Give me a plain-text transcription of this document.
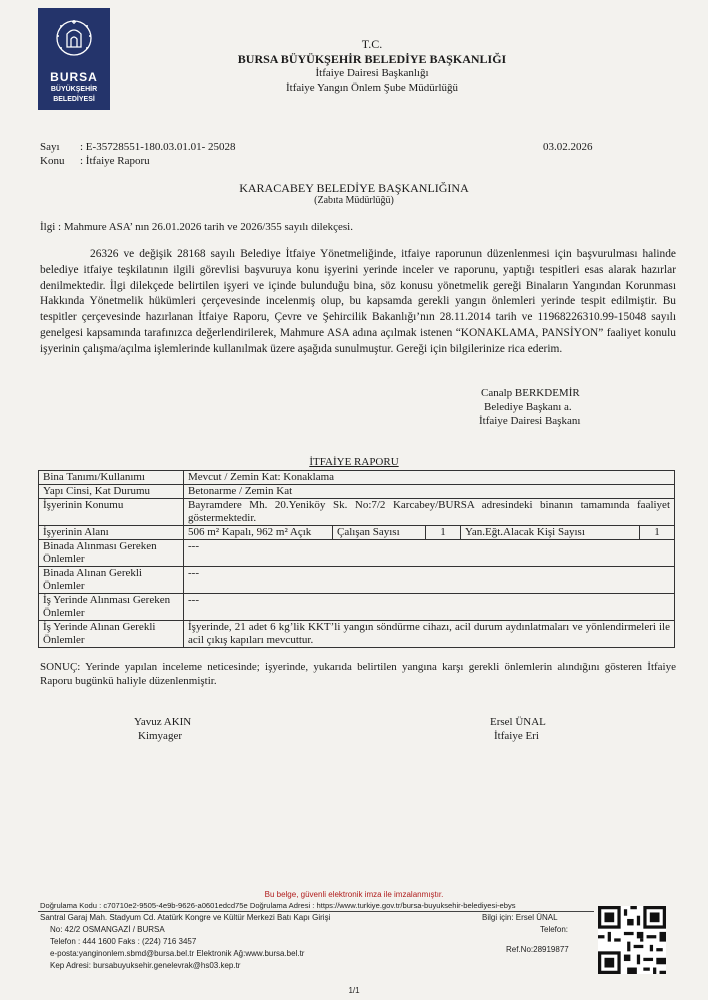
BURSA
BÜYÜKŞEHİR
BELEDİYESİ
T.C.
BURSA BÜYÜKŞEHİR BELEDİYE BAŞKANLIĞI
İtfaiye Dairesi Başkanlığı
İtfaiye Yangın Önlem Şube Müdürlüğü
Sayı : E-35728551-180.03.01.01- 25028	03.02.2026
Konu : İtfaiye Raporu
KARACABEY BELEDİYE BAŞKANLIĞINA
(Zabıta Müdürlüğü)
İlgi : Mahmure ASA’ nın 26.01.2026 tarih ve 2026/355 sayılı dilekçesi.
26326 ve değişik 28168 sayılı Belediye İtfaiye Yönetmeliğinde, itfaiye raporunun düzenlenmesi için başvurulması halinde belediye itfaiye teşkilatının ilgili görevlisi başvuruya konu işyerini yerinde inceler ve raporunu, yaptığı tespitleri esas alarak hazırlar denilmektedir. İlgi dilekçede belirtilen işyeri ve içinde bulunduğu bina, söz konusu yönetmelik gereği Binaların Yangından Korunması Hakkında Yönetmelik hükümleri çerçevesinde incelenmiş olup, bu kapsamda gerekli yangın önlemleri yerinde tespit edilmiştir. Bu tespitler çerçevesinde hazırlanan İtfaiye Raporu, Çevre ve Şehircilik Bakanlığı’nın 28.11.2014 tarih ve 11968226310.99-15048 sayılı genelgesi kapsamında tarafınızca değerlendirilerek, Mahmure ASA adına açılmak istenen “KONAKLAMA, PANSİYON” faaliyet konulu işyerinin çalışma/açılma işlemlerinde kullanılmak üzere aşağıda sunulmuştur. Gereği için bilgilerinize rica ederim.
Canalp BERKDEMİR
Belediye Başkanı a.
İtfaiye Dairesi Başkanı
İTFAİYE RAPORU
Bina Tanımı/Kullanımı	Mevcut / Zemin Kat: Konaklama				
Yapı Cinsi, Kat Durumu	Betonarme / Zemin Kat				
İşyerinin Konumu	Bayramdere Mh. 20.Yeniköy Sk. No:7/2 Karcabey/BURSA adresindeki binanın tamamında faaliyet göstermektedir.				
İşyerinin Alanı	506 m² Kapalı, 962 m² Açık	Çalışan Sayısı	1	Yan.Eğt.Alacak Kişi Sayısı	1
Binada Alınması Gereken Önlemler	---				
Binada Alınan Gerekli Önlemler	---				
İş Yerinde Alınması Gereken Önlemler	---				
İş Yerinde Alınan Gerekli Önlemler	İşyerinde, 21 adet 6 kg’lik KKT’li yangın söndürme cihazı, acil durum aydınlatmaları ve yönlendirmeleri ile acil çıkış kapıları mevcuttur.				
SONUÇ: Yerinde yapılan inceleme neticesinde; işyerinde, yukarıda belirtilen yangına karşı gerekli önlemlerin alındığını gösteren İtfaiye Raporu bugünkü haliyle düzenlenmiştir.
Yavuz AKIN
Kimyager
Ersel ÜNAL
İtfaiye Eri
Bu belge, güvenli elektronik imza ile imzalanmıştır.
Doğrulama Kodu : c70710e2-9505-4e9b-9626-a0601edcd75e Doğrulama Adresi : https://www.turkiye.gov.tr/bursa-buyuksehir-belediyesi-ebys
Santral Garaj Mah. Stadyum Cd. Atatürk Kongre ve Kültür Merkezi Batı Kapı Girişi
No: 42/2 OSMANGAZİ / BURSA
Telefon : 444 1600 Faks : (224) 716 3457
e-posta:yanginonlem.sbmd@bursa.bel.tr Elektronik Ağ:www.bursa.bel.tr
Kep Adresi: bursabuyuksehir.genelevrak@hs03.kep.tr
Bilgi için: Ersel ÜNAL
Telefon:
Ref.No:28919877
1/1
